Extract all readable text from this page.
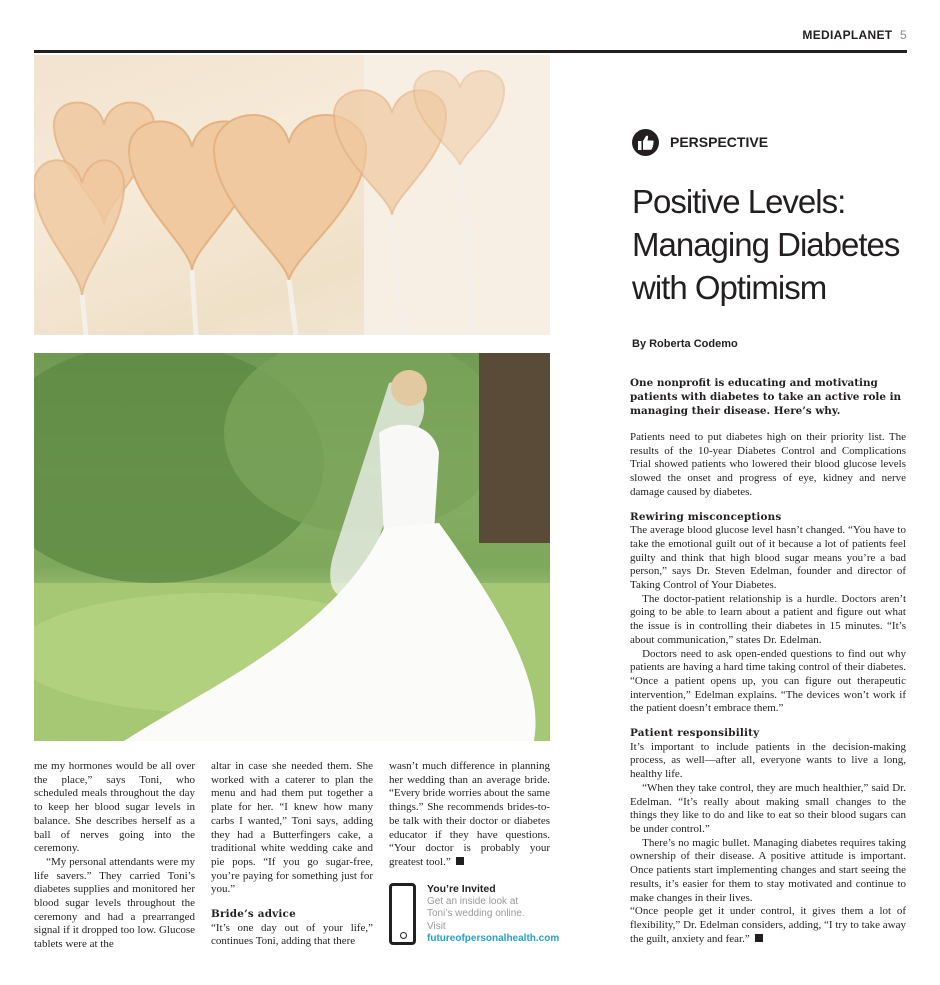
MEDIAPLANET 5
PERSPECTIVE
Positive Levels:
Managing Diabetes
with Optimism
By Roberta Codemo
One nonprofit is educating and motivating patients with diabetes to take an active role in managing their disease. Here’s why.

Patients need to put diabetes high on their priority list. The results of the 10-year Diabetes Control and Complications Trial showed patients who lowered their blood glucose levels slowed the onset and progress of eye, kidney and nerve damage caused by diabetes.

Rewiring misconceptions

The average blood glucose level hasn’t changed. “You have to take the emotional guilt out of it because a lot of patients feel guilty and think that high blood sugar means you’re a bad person,” says Dr. Steven Edelman, founder and director of Taking Control of Your Diabetes.

The doctor-patient relationship is a hurdle. Doctors aren’t going to be able to learn about a patient and figure out what the issue is in controlling their diabetes in 15 minutes. “It’s about communication,” states Dr. Edelman.

Doctors need to ask open-ended questions to find out why patients are having a hard time taking control of their diabetes. “Once a patient opens up, you can figure out therapeutic intervention,” Edelman explains. “The devices won’t work if the patient doesn’t embrace them.”

Patient responsibility

It’s important to include patients in the decision-making process, as well—after all, everyone wants to live a long, healthy life.

“When they take control, they are much healthier,” said Dr. Edelman. “It’s really about making small changes to the things they like to do and like to eat so their blood sugars can be under control.”

There’s no magic bullet. Managing diabetes requires taking ownership of their disease. A positive attitude is important. Once patients start implementing changes and start seeing the results, it’s easier for them to stay motivated and continue to make changes in their lives.

“Once people get it under control, it gives them a lot of flexibility,” Dr. Edelman considers, adding, “I try to take away the guilt, anxiety and fear.”

me my hormones would be all over the place,” says Toni, who scheduled meals throughout the day to keep her blood sugar levels in balance. She describes herself as a ball of nerves going into the ceremony.

“My personal attendants were my life savers.” They carried Toni’s diabetes supplies and monitored her blood sugar levels throughout the ceremony and had a prearranged signal if it dropped too low. Glucose tablets were at the

altar in case she needed them. She worked with a caterer to plan the menu and had them put together a plate for her. “I knew how many carbs I wanted,” Toni says, adding they had a Butterfingers cake, a traditional white wedding cake and pie pops. “If you go sugar-free, you’re paying for something just for you.”

Bride’s advice

“It’s one day out of your life,” continues Toni, adding that there

wasn’t much difference in planning her wedding than an average bride. “Every bride worries about the same things.” She recommends brides-to-be talk with their doctor or diabetes educator if they have questions. “Your doctor is probably your greatest tool.”

You’re Invited
Get an inside look at
Toni’s wedding online.
Visit futureofpersonalhealth.com
